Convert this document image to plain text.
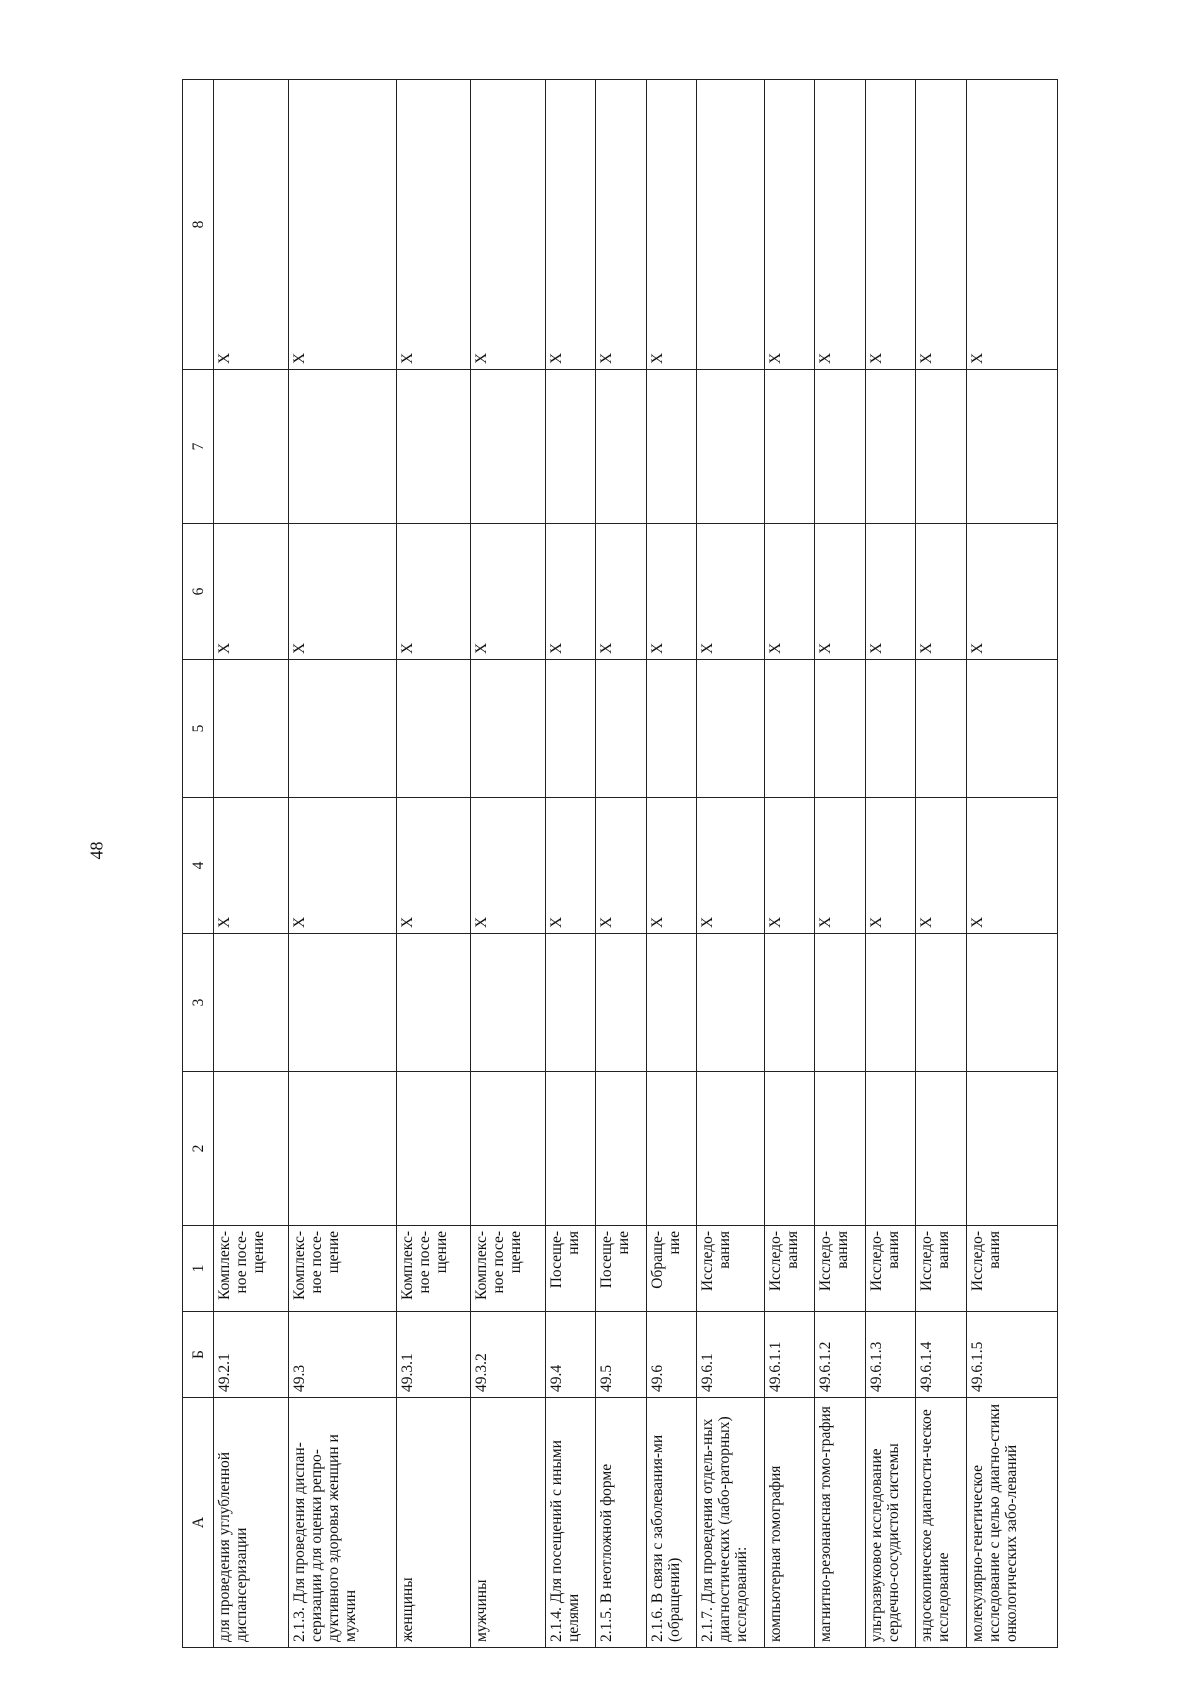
48
А	Б	1	2	3	4	5	6	7	8
для проведения углубленной диспансеризации	49.2.1	Комплекс-ное посе-щение			Х		Х		Х
2.1.3. Для проведения диспан-серизации для оценки репро-дуктивного здоровья женщин и мужчин	49.3	Комплекс-ное посе-щение			Х		Х		Х
женщины	49.3.1	Комплекс-ное посе-щение			Х		Х		Х
мужчины	49.3.2	Комплекс-ное посе-щение			Х		Х		Х
2.1.4. Для посещений с иными целями	49.4	Посеще-ния			Х		Х		Х
2.1.5. В неотложной форме	49.5	Посеще-ние			Х		Х		Х
2.1.6. В связи с заболевания-ми (обращений)	49.6	Обраще-ние			Х		Х		Х
2.1.7. Для проведения отдель-ных диагностических (лабо-раторных) исследований:	49.6.1	Исследо-вания			Х		Х		
компьютерная томография	49.6.1.1	Исследо-вания			Х		Х		Х
магнитно-резонансная томо-графия	49.6.1.2	Исследо-вания			Х		Х		Х
ультразвуковое исследование сердечно-сосудистой системы	49.6.1.3	Исследо-вания			Х		Х		Х
эндоскопическое диагности-ческое исследование	49.6.1.4	Исследо-вания			Х		Х		Х
молекулярно-генетическое исследование с целью диагно-стики онкологических забо-леваний	49.6.1.5	Исследо-вания			Х		Х		Х
